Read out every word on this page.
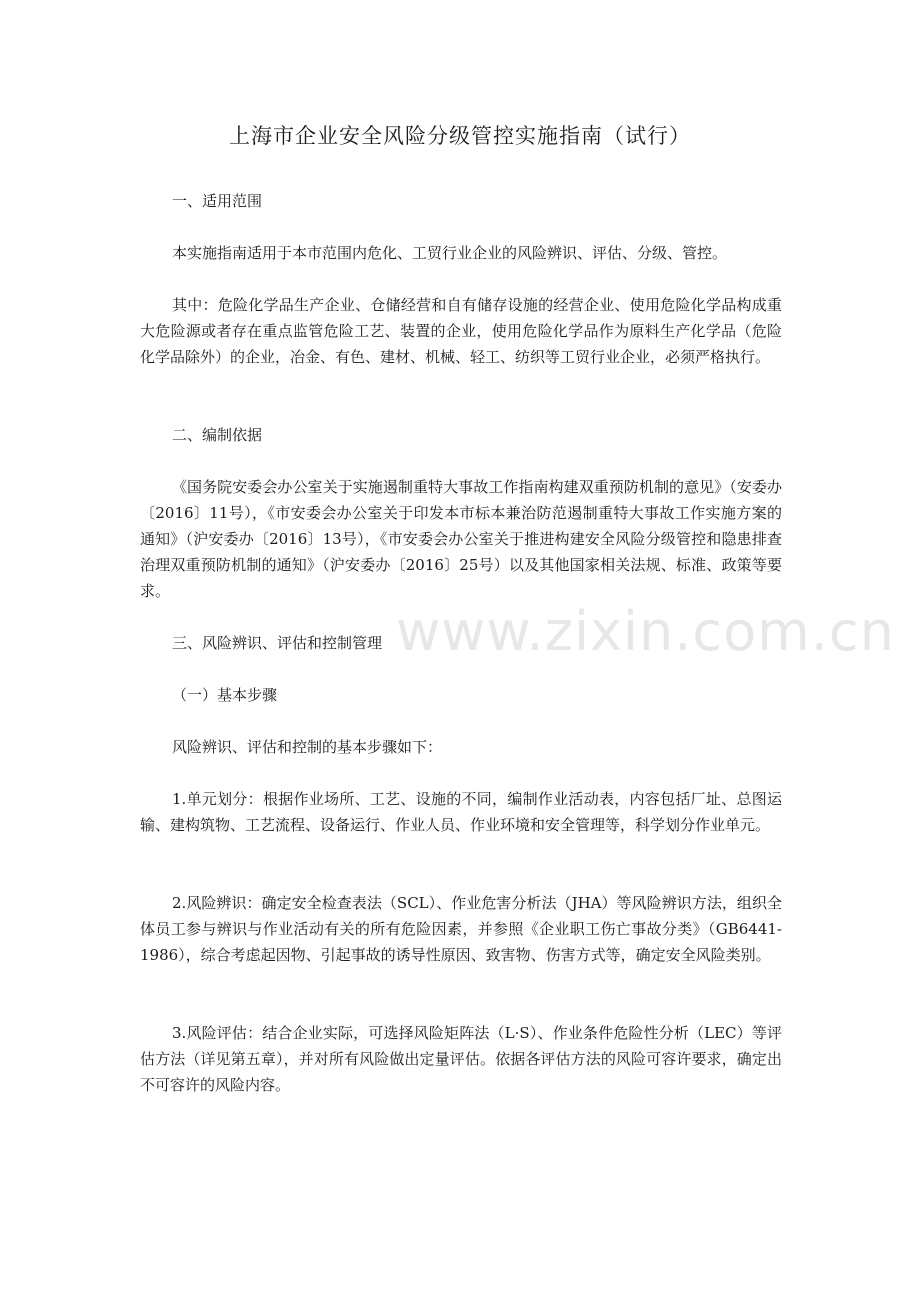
上海市企业安全风险分级管控实施指南（试行）

一、适用范围

本实施指南适用于本市范围内危化、工贸行业企业的风险辨识、评估、分级、管控。

其中：危险化学品生产企业、仓储经营和自有储存设施的经营企业、使用危险化学品构成重大危险源或者存在重点监管危险工艺、装置的企业，使用危险化学品作为原料生产化学品（危险化学品除外）的企业，冶金、有色、建材、机械、轻工、纺织等工贸行业企业，必须严格执行。

二、编制依据

《国务院安委会办公室关于实施遏制重特大事故工作指南构建双重预防机制的意见》（安委办〔2016〕11号），《市安委会办公室关于印发本市标本兼治防范遏制重特大事故工作实施方案的通知》（沪安委办〔2016〕13号），《市安委会办公室关于推进构建安全风险分级管控和隐患排查治理双重预防机制的通知》（沪安委办〔2016〕25号）以及其他国家相关法规、标准、政策等要求。

三、风险辨识、评估和控制管理

（一）基本步骤

风险辨识、评估和控制的基本步骤如下：

1.单元划分：根据作业场所、工艺、设施的不同，编制作业活动表，内容包括厂址、总图运输、建构筑物、工艺流程、设备运行、作业人员、作业环境和安全管理等，科学划分作业单元。

2.风险辨识：确定安全检查表法（SCL）、作业危害分析法（JHA）等风险辨识方法，组织全体员工参与辨识与作业活动有关的所有危险因素，并参照《企业职工伤亡事故分类》（GB6441-1986），综合考虑起因物、引起事故的诱导性原因、致害物、伤害方式等，确定安全风险类别。

3.风险评估：结合企业实际，可选择风险矩阵法（L·S）、作业条件危险性分析（LEC）等评估方法（详见第五章），并对所有风险做出定量评估。依据各评估方法的风险可容许要求，确定出不可容许的风险内容。

www.zixin.com.cn
